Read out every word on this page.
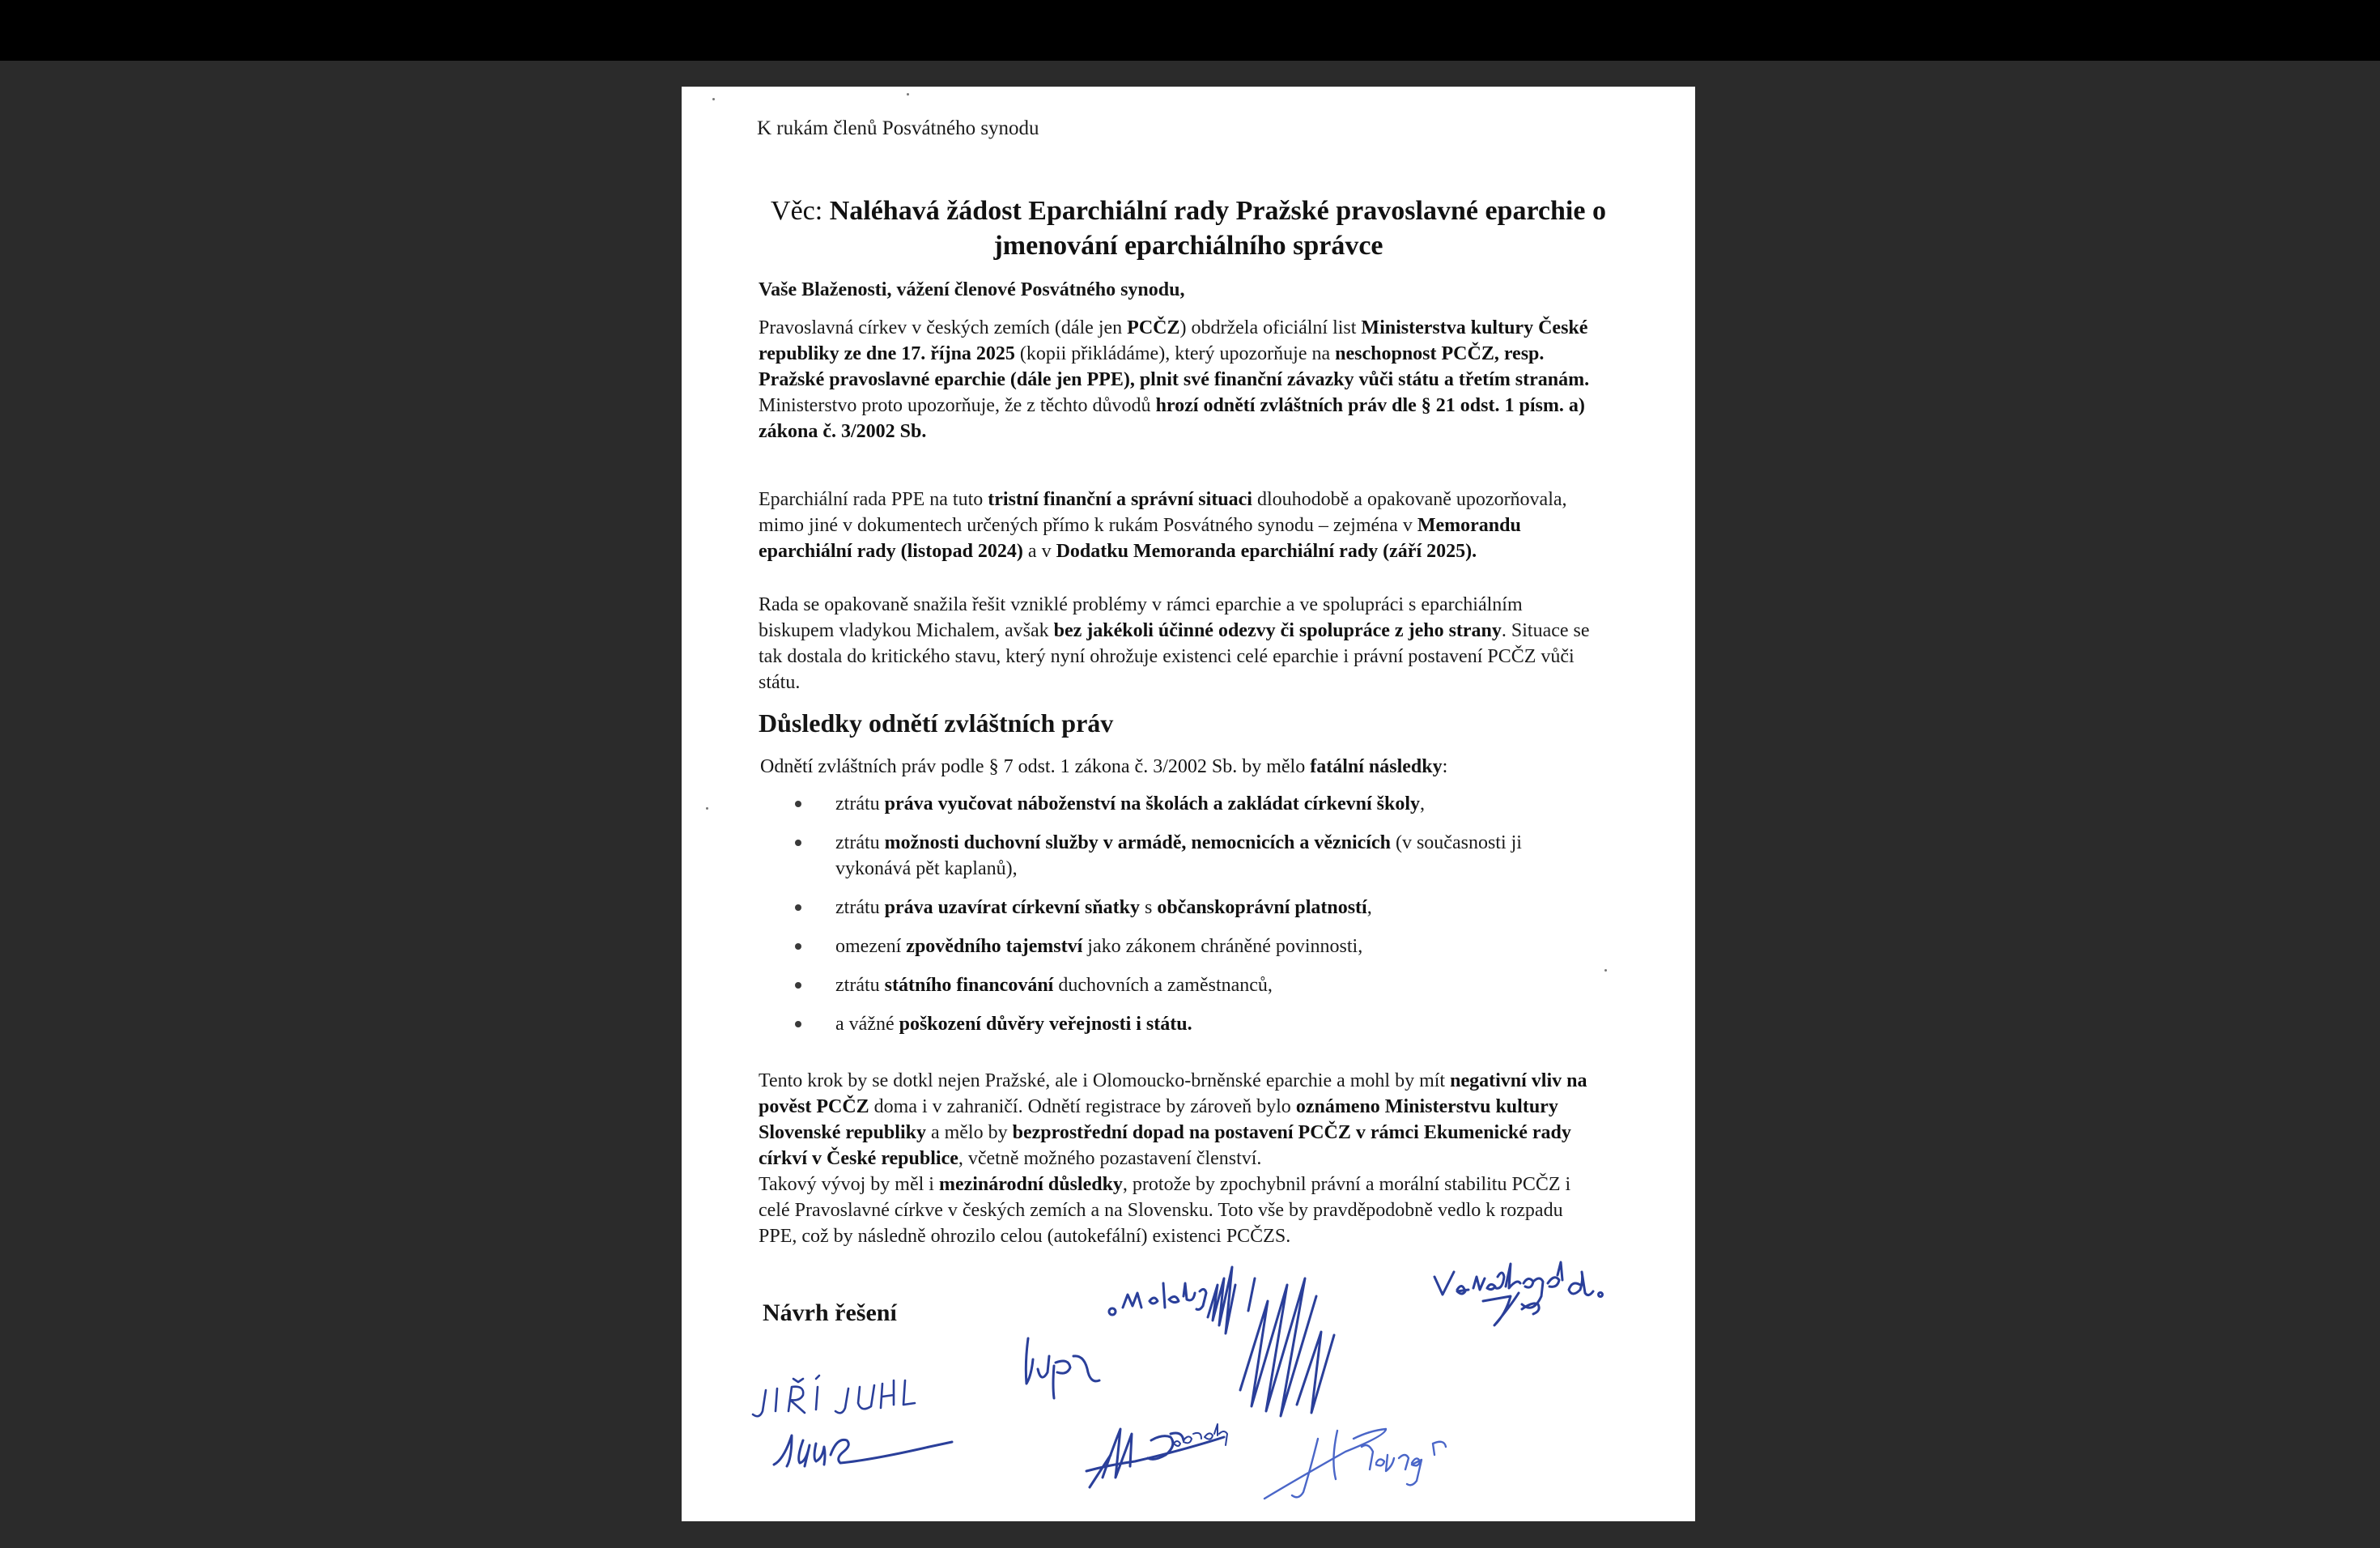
K rukám členů Posvátného synodu
Věc: Naléhavá žádost Eparchiální rady Pražské pravoslavné eparchie o jmenování eparchiálního správce
Vaše Blaženosti, vážení členové Posvátného synodu,
Pravoslavná církev v českých zemích (dále jen PCČZ) obdržela oficiální list Ministerstva kultury České republiky ze dne 17. října 2025 (kopii přikládáme), který upozorňuje na neschopnost PCČZ, resp. Pražské pravoslavné eparchie (dále jen PPE), plnit své finanční závazky vůči státu a třetím stranám.
Ministerstvo proto upozorňuje, že z těchto důvodů hrozí odnětí zvláštních práv dle § 21 odst. 1 písm. a) zákona č. 3/2002 Sb.
Eparchiální rada PPE na tuto tristní finanční a správní situaci dlouhodobě a opakovaně upozorňovala, mimo jiné v dokumentech určených přímo k rukám Posvátného synodu – zejména v Memorandu eparchiální rady (listopad 2024) a v Dodatku Memoranda eparchiální rady (září 2025).
Rada se opakovaně snažila řešit vzniklé problémy v rámci eparchie a ve spolupráci s eparchiálním biskupem vladykou Michalem, avšak bez jakékoli účinné odezvy či spolupráce z jeho strany. Situace se tak dostala do kritického stavu, který nyní ohrožuje existenci celé eparchie i právní postavení PCČZ vůči státu.
Důsledky odnětí zvláštních práv
Odnětí zvláštních práv podle § 7 odst. 1 zákona č. 3/2002 Sb. by mělo fatální následky:
ztrátu práva vyučovat náboženství na školách a zakládat církevní školy,
ztrátu možnosti duchovní služby v armádě, nemocnicích a věznicích (v současnosti ji vykonává pět kaplanů),
ztrátu práva uzavírat církevní sňatky s občanskoprávní platností,
omezení zpovědního tajemství jako zákonem chráněné povinnosti,
ztrátu státního financování duchovních a zaměstnanců,
a vážné poškození důvěry veřejnosti i státu.
Tento krok by se dotkl nejen Pražské, ale i Olomoucko-brněnské eparchie a mohl by mít negativní vliv na pověst PCČZ doma i v zahraničí. Odnětí registrace by zároveň bylo oznámeno Ministerstvu kultury Slovenské republiky a mělo by bezprostřední dopad na postavení PCČZ v rámci Ekumenické rady církví v České republice, včetně možného pozastavení členství.
Takový vývoj by měl i mezinárodní důsledky, protože by zpochybnil právní a morální stabilitu PCČZ i celé Pravoslavné církve v českých zemích a na Slovensku. Toto vše by pravděpodobně vedlo k rozpadu PPE, což by následně ohrozilo celou (autokefální) existenci PCČZS.
Návrh řešení
